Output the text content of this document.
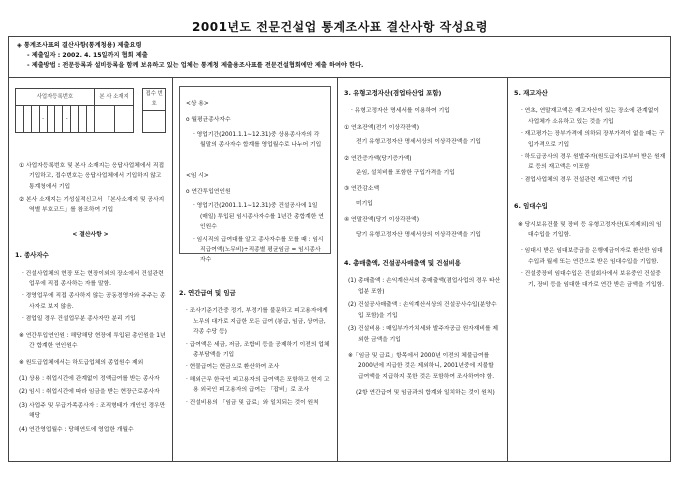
2001년도 전문건설업 통계조사표 결산사항 작성요령
◈ 통계조사표의 결산사항(통계청용) 제출요령
- 제출일자 : 2002. 4. 15일까지 협회 제출
- 제출방법 : 전문등록과 설비등록을 함께 보유하고 있는 업체는 통계청 제출용조사표를 전문건설협회에만 제출 하여야 한다.
사업자등록번호										본 사 소재지	
			-			-					
접수 번호

① 사업자등록번호 및 본사 소재지는 응답사업체에서 직접 기입하고, 접수번호는 응답사업체에서 기입하지 않고 통계청에서 기입
② 본사 소재지는 기성실적신고서 「본사소재지 및 공사지역별 부호코드」를 참조하여 기입
< 결산사항 >
1. 종사자수
· 건설사업체의 현장 또는 현장이외의 장소에서 건설관련 업무에 직접 종사하는 자를 말함.
· 경영업무에 직접 종사하지 않는 공동경영자와 주주는 종사자로 보지 않음.
· 겸업일 경우 건설업무분 종사자만 분리 기입
※ 연간투입연인원 : 해당해당 현장에 투입된 총인원을 1년간 합계한 연인원수
※ 원도급업체에서는 하도급업체의 종업원수 제외
(1) 상용 : 취업시간에 관계없이 정액급여를 받는 종사자
(2) 임시 : 취업시간에 따라 임금을 받는 현장근로종사자
(3) 사업주 및 무급가족종사자 : 조직형태가 개인인 경우만 해당
(4) 연간영업월수 : 당해연도에 영업한 개월수
<상 용>
o 월평균종사자수
· 영업기간(2001.1.1∼12.31)중 상용종사자의 각 월말의 종사자수 합계를 영업월수로 나누어 기입
<임 시>
o 연간투입연인원
· 영업기간(2001.1.1∼12.31)중 건설공사에 1일(매일) 투입된 임시종사자수를 1년간 총합계한 연인원수
· 임시직의 급여대를 알고 종사자수를 모를 때 : 임시직급여액(노무비)÷직종별 평균임금 = 임시종사자수
2. 연간급여 및 임금
· 조사기준기간중 정기, 부정기를 불문하고 피고용자에게 노무의 대가로 지급한 모든 급여 (봉급, 임금, 상여금, 각종 수당 등)
· 급여액은 세금, 저금, 조합비 등을 공제하기 이전의 업체 총부담액을 기입
· 현물급여는 현금으로 환산하여 조사
· 해외근무 한국인 피고용자의 급여액은 포함하고 현지 고용 외국인 피고용자의 급여는 「잡비」로 조사
· 건설비용의 「임금 및 급료」와 일치되는 것이 원칙
3. 유형고정자산(겸업타산업 포함)
· 유형고정자산 명세서를 이용하여 기입
① 연초잔액(전기 이상각잔액)
전기 유형고정자산 명세서상의 이상각잔액을 기입
② 연간증가액(당기증가액)
운임, 설치비를 포함한 구입가격을 기입
③ 연간감소액
미기입
④ 연말잔액(당기 이상각잔액)
당기 유형고정자산 명세서상의 이상각잔액을 기입
4. 총매출액, 건설공사매출액 및 건설비용
(1) 총매출액 : 손익계산서의 총매출액(겸업사업의 경우 타산업분 포함)
(2) 건설공사매출액 : 손익계산서상의 건설공사수입(분양수입 포함)을 기입
(3) 건설비용 : 매입부가가치세와 발주자공급 원자재비를 제외한 금액을 기입
※「임금 및 급료」항목에서 2000년 이전의 체불급여를 2000년에 지급한 것은 제외하니, 2001년중에 지불할 급여액을 지급하지 못한 것은 포함하여 조사하여야 함.
(2항 연간급여 및 임금과의 합계와 일치하는 것이 원칙)
5. 재고자산
· 연초, 연말재고액은 재고자산이 있는 장소에 관계없이 사업체가 소유하고 있는 것을 기입
· 재고평가는 장부가격에 의하되 장부가격이 없을 때는 구입가격으로 기입
· 하도급공사의 경우 원발주자(원도급자)로부터 받은 원재료 등의 재고액은 이포함
· 겸업사업체의 경우 건설관련 재고액만 기입
6. 임대수입
※ 당시보유건물 및 장비 등 유형고정자산(토지제외)의 임대수입을 기입함.
· 임대시 받은 임대보증금을 은행예금이자로 환산한 임대수입과 월세 또는 연간으로 받은 임대수입을 기입함.
· 건설중장비 임대수입은 건설회사에서 보유중인 건설중기, 장비 등을 임대한 대가로 연간 받은 금액을 기입함.
